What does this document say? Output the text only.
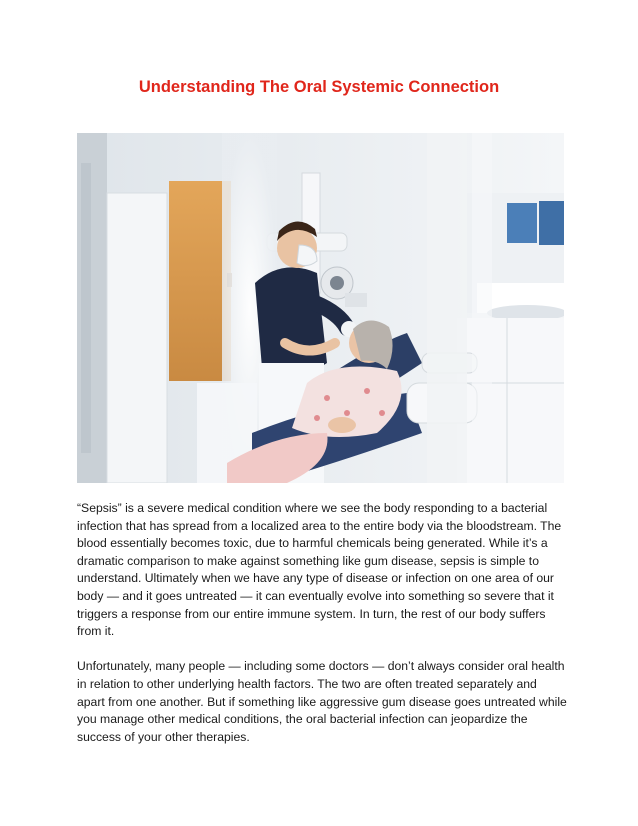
Understanding The Oral Systemic Connection

“Sepsis” is a severe medical condition where we see the body responding to a bacterial infection that has spread from a localized area to the entire body via the bloodstream. The blood essentially becomes toxic, due to harmful chemicals being generated. While it’s a dramatic comparison to make against something like gum disease, sepsis is simple to understand. Ultimately when we have any type of disease or infection on one area of our body — and it goes untreated — it can eventually evolve into something so severe that it triggers a response from our entire immune system. In turn, the rest of our body suffers from it.

Unfortunately, many people — including some doctors — don’t always consider oral health in relation to other underlying health factors. The two are often treated separately and apart from one another. But if something like aggressive gum disease goes untreated while you manage other medical conditions, the oral bacterial infection can jeopardize the success of your other therapies.
